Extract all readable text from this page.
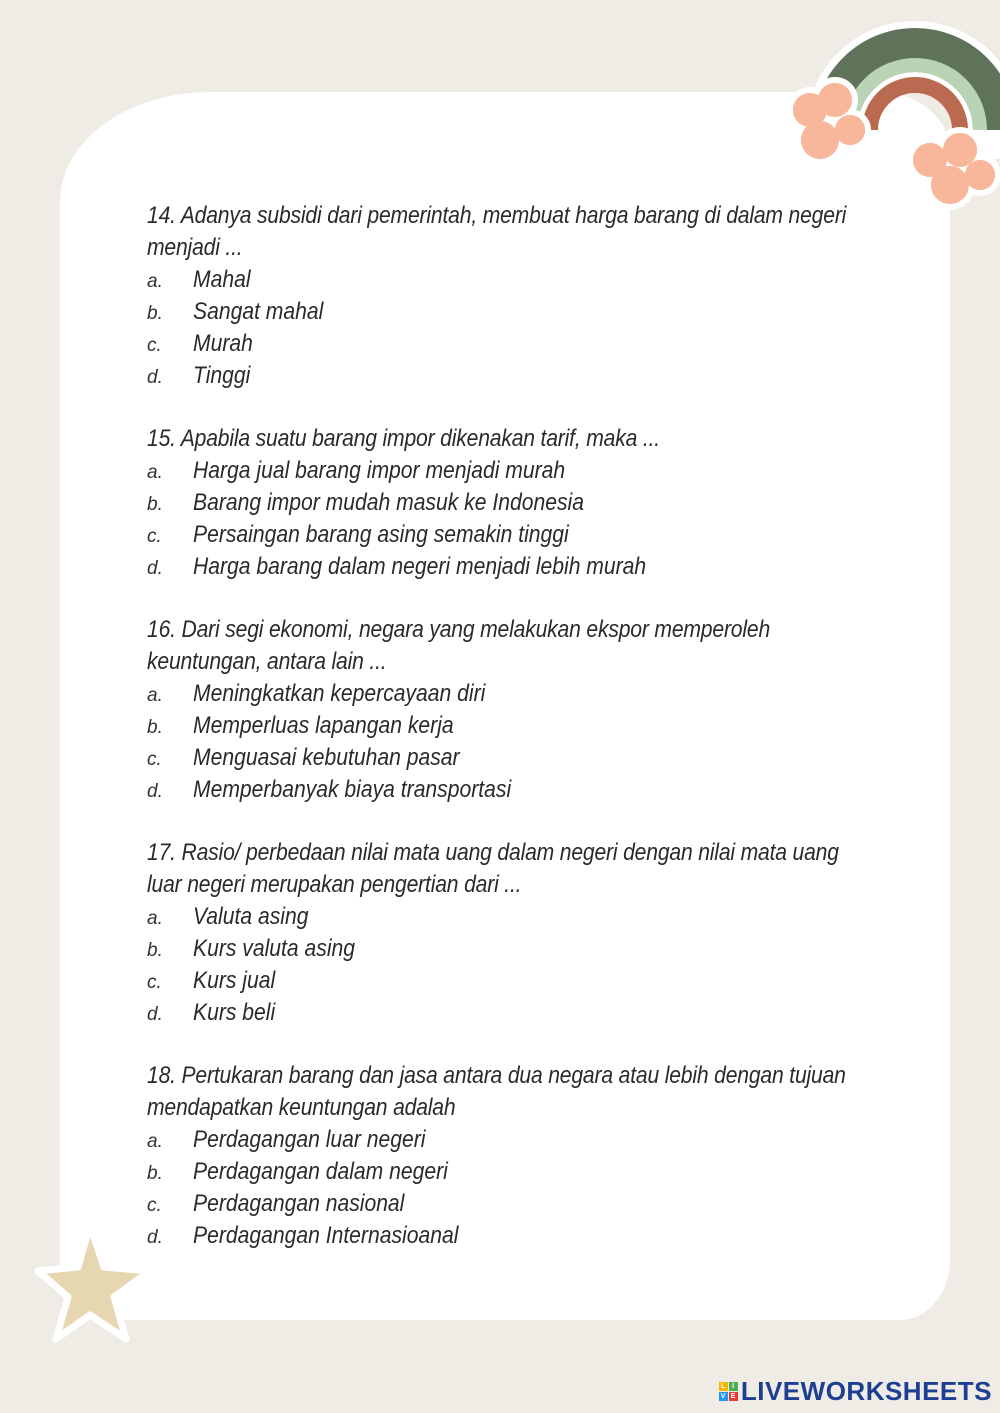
14. Adanya subsidi dari pemerintah, membuat harga barang di dalam negeri menjadi ...

a.	Mahal
b.	Sangat mahal
c.	Murah
d.	Tinggi

15. Apabila suatu barang impor dikenakan tarif, maka ...

a.	Harga jual barang impor menjadi murah
b.	Barang impor mudah masuk ke Indonesia
c.	Persaingan barang asing semakin tinggi
d.	Harga barang dalam negeri menjadi lebih murah

16. Dari segi ekonomi, negara yang melakukan ekspor memperoleh keuntungan, antara lain ...

a.	Meningkatkan kepercayaan diri
b.	Memperluas lapangan kerja
c.	Menguasai kebutuhan pasar
d.	Memperbanyak biaya transportasi

17. Rasio/ perbedaan nilai mata uang dalam negeri dengan nilai mata uang luar negeri merupakan pengertian dari ...

a.	Valuta asing
b.	Kurs valuta asing
c.	Kurs jual
d.	Kurs beli

18. Pertukaran barang dan jasa antara dua negara atau lebih dengan tujuan mendapatkan keuntungan adalah

a.	Perdagangan luar negeri
b.	Perdagangan dalam negeri
c.	Perdagangan nasional
d.	Perdagangan Internasioanal
L I
V E LIVEWORKSHEETS
